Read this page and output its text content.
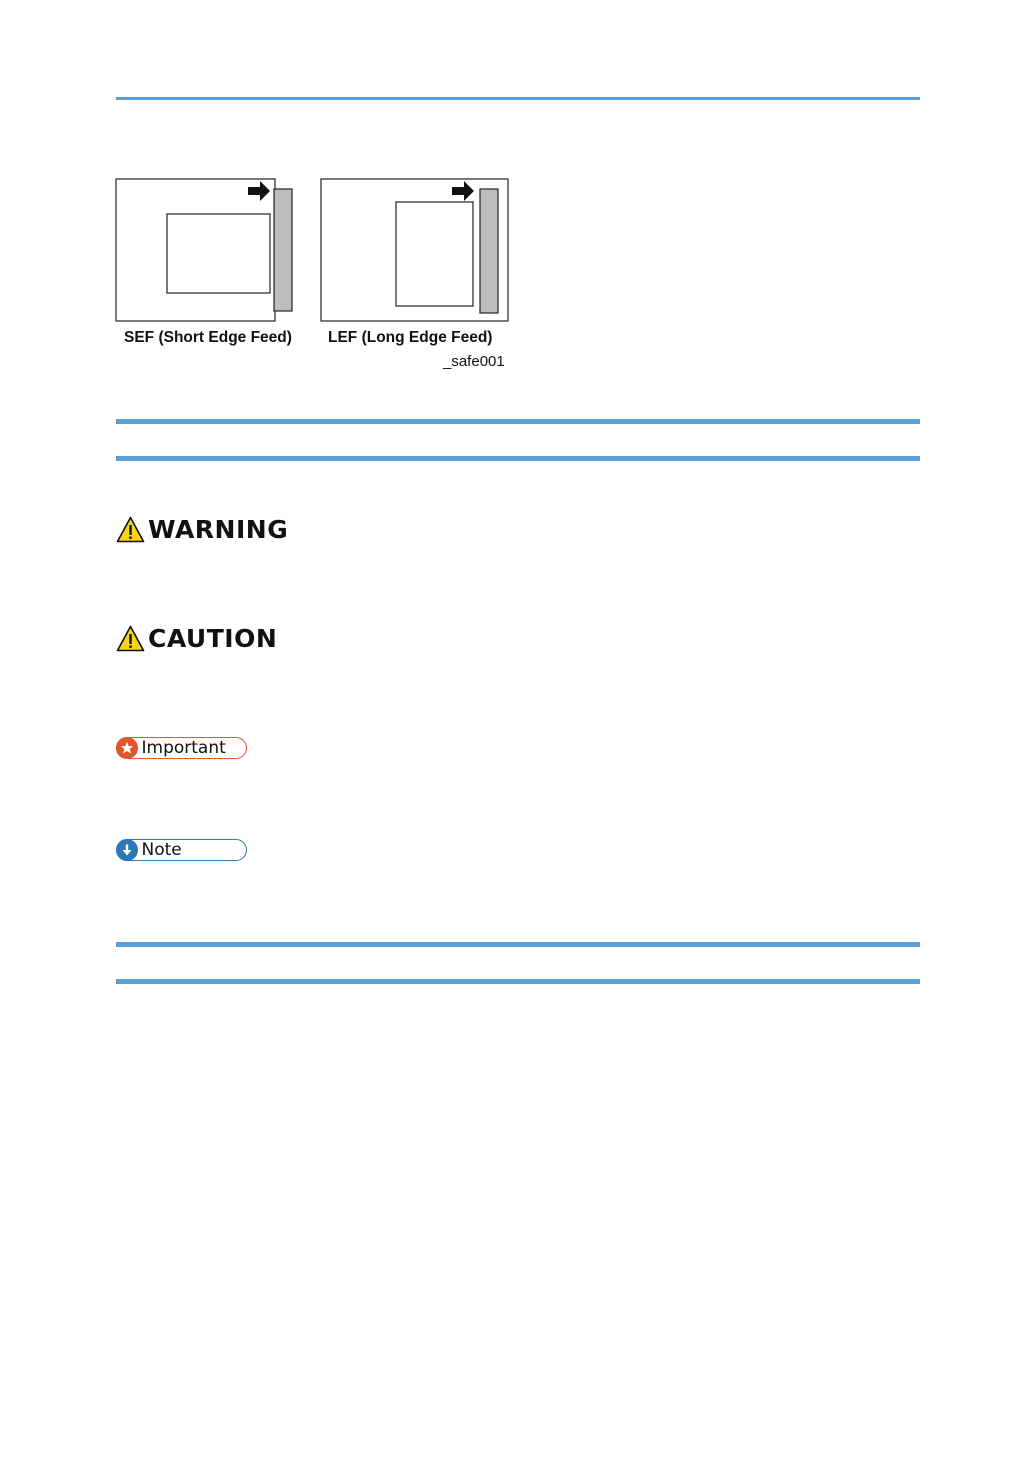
SEF (Short Edge Feed) LEF (Long Edge Feed)
_safe001
WARNING
CAUTION
Important
Note
